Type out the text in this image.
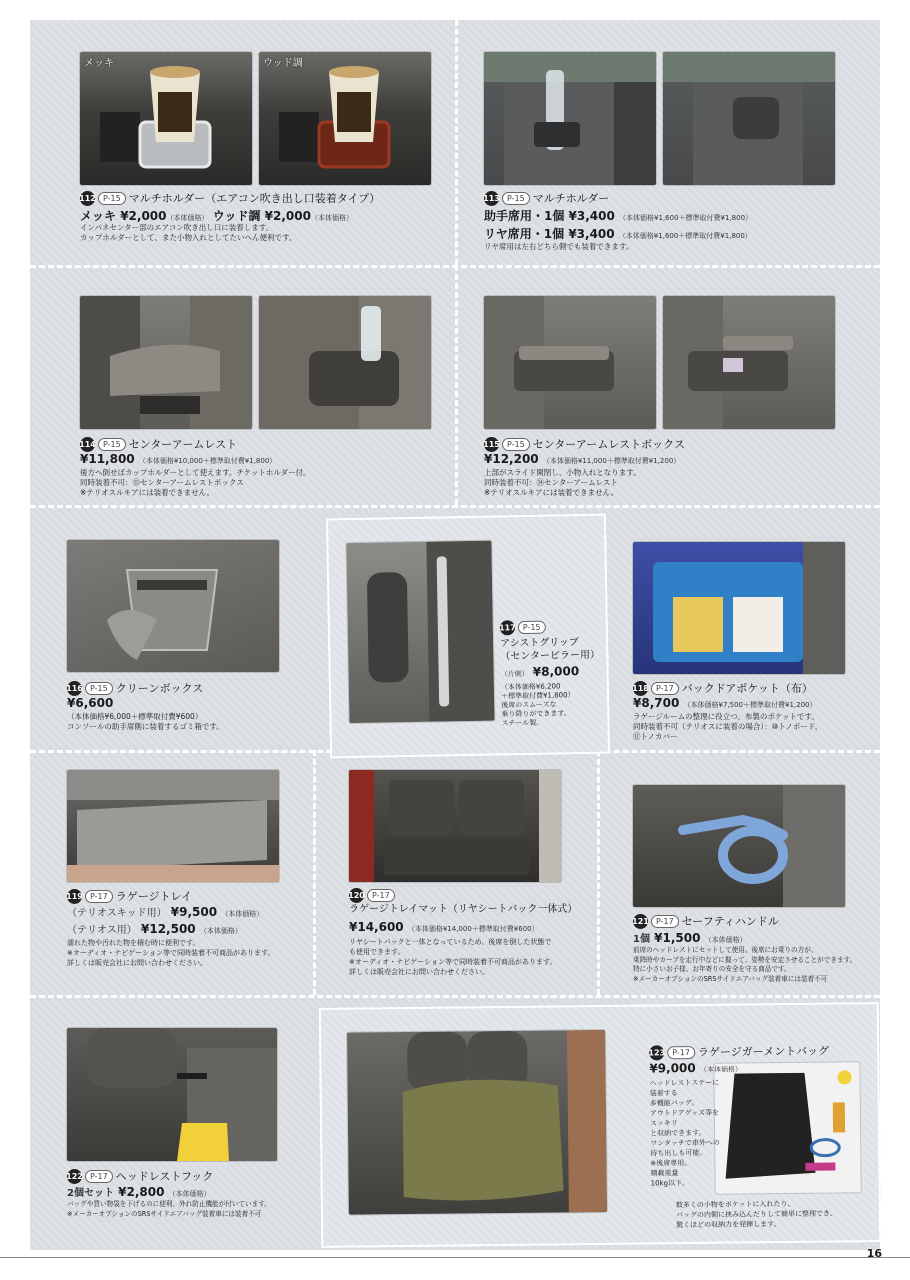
メッキ	ウッド調
112 P-15 マルチホルダー（エアコン吹き出し口装着タイプ）
メッキ ¥2,000（本体価格） ウッド調 ¥2,000（本体価格）
インパネセンター部のエアコン吹き出し口に装着します。
カップホルダーとして、また小物入れとしてたいへん便利です。
113 P-15 マルチホルダー
助手席用・1個 ¥3,400 （本体価格¥1,600＋標準取付費¥1,800）
リヤ席用・1個 ¥3,400 （本体価格¥1,600＋標準取付費¥1,800）
リヤ席用は左右どちら側でも装着できます。
114 P-15 センターアームレスト
¥11,800 （本体価格¥10,000＋標準取付費¥1,800）
後方へ倒せばカップホルダーとして使えます。チケットホルダー付。
同時装着不可：⑮センターアームレストボックス
※テリオスルキアには装着できません。
115 P-15 センターアームレストボックス
¥12,200 （本体価格¥11,000＋標準取付費¥1,200）
上部がスライド開閉し、小物入れとなります。
同時装着不可：⑭センターアームレスト
※テリオスルキアには装着できません。
116 P-15 クリーンボックス
¥6,600
（本体価格¥6,000＋標準取付費¥600）
コンソールの助手席側に装着するゴミ箱です。
117 P-15
アシストグリップ
（センターピラー用）
（片側） ¥8,000
（本体価格¥6,200
＋標準取付費¥1,800）
後席のスムーズな
乗り降りができます。
スチール製。
118 P-17 バックドアポケット（布）
¥8,700 （本体価格¥7,500＋標準取付費¥1,200）
ラゲージルームの整理に役立つ、布製のポケットです。
同時装着不可（テリオスに装着の場合）：⑩トノボード、
⑪トノカバー
119 P-17 ラゲージトレイ
（テリオスキッド用） ¥9,500 （本体価格）
（テリオス用） ¥12,500 （本体価格）
濡れた物や汚れた物を積む時に便利です。
※オーディオ・ナビゲーション等で同時装着不可商品があります。
詳しくは販売会社にお問い合わせください。
120 P-17
ラゲージトレイマット（リヤシートバック一体式）
¥14,600 （本体価格¥14,000＋標準取付費¥600）
リヤシートバックと一体となっているため、後席を倒した状態で
も使用できます。
※オーディオ・ナビゲーション等で同時装着不可商品があります。
詳しくは販売会社にお問い合わせください。
121 P-17 セーフティハンドル
1個 ¥1,500 （本体価格）
前席のヘッドレストにセットして使用。後席にお乗りの方が、
乗降時やカーブを走行中などに握って、姿勢を安定させることができます。
特に小さいお子様、お年寄りの安全を守る商品です。
※メーカーオプションのSRSサイドエアバッグ装着車には装着不可
122 P-17 ヘッドレストフック
2個セット ¥2,800 （本体価格）
バッグや買い物袋を下げるのに便利。外れ防止機能が付いています。
※メーカーオプションのSRSサイドエアバッグ装着車には装着不可
123 P-17 ラゲージガーメントバッグ
¥9,000 （本体価格）
ヘッドレストステーに装着する
多機能バッグ。
アウトドアグッズ等をスッキリ
と収納できます。
ワンタッチで車外への
持ち出しも可能。
※後席専用。
積載重量
10kg以下。
数多くの小物をポケットに入れたり、
バッグの内側に挟み込んだりして簡単に整理でき、
驚くほどの収納力を発揮します。
16
